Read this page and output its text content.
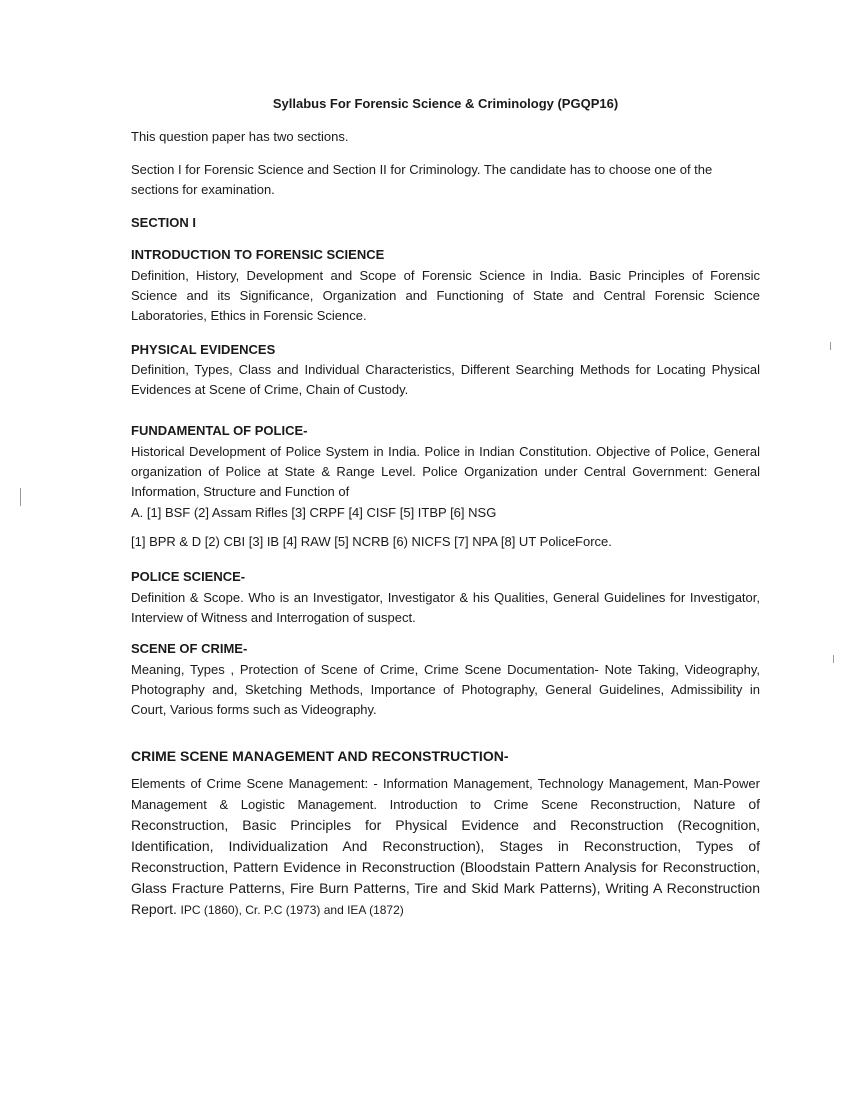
Syllabus For Forensic Science & Criminology (PGQP16)
This question paper has two sections.

Section I for Forensic Science and Section II for Criminology. The candidate has to choose one of the sections for examination.

SECTION I
INTRODUCTION TO FORENSIC SCIENCE

Definition, History, Development and Scope of Forensic Science in India. Basic Principles of Forensic Science and its Significance, Organization and Functioning of State and Central Forensic Science Laboratories, Ethics in Forensic Science.

PHYSICAL EVIDENCES

Definition, Types, Class and Individual Characteristics, Different Searching Methods for Locating Physical Evidences at Scene of Crime, Chain of Custody.

FUNDAMENTAL OF POLICE-

Historical Development of Police System in India. Police in Indian Constitution. Objective of Police, General organization of Police at State & Range Level. Police Organization under Central Government: General Information, Structure and Function of

A. [1] BSF (2] Assam Rifles [3] CRPF [4] CISF [5] ITBP [6] NSG
[1] BPR & D [2) CBI [3] IB [4] RAW [5] NCRB [6) NICFS [7] NPA [8] UT PoliceForce.
POLICE SCIENCE-

Definition & Scope. Who is an Investigator, Investigator & his Qualities, General Guidelines for Investigator, Interview of Witness and Interrogation of suspect.

SCENE OF CRIME-

Meaning, Types , Protection of Scene of Crime, Crime Scene Documentation- Note Taking, Videography, Photography and, Sketching Methods, Importance of Photography, General Guidelines, Admissibility in Court, Various forms such as Videography.

CRIME SCENE MANAGEMENT AND RECONSTRUCTION-

Elements of Crime Scene Management: - Information Management, Technology Management, Man-Power Management & Logistic Management. Introduction to Crime Scene Reconstruction, Nature of Reconstruction, Basic Principles for Physical Evidence and Reconstruction (Recognition, Identification, Individualization And Reconstruction), Stages in Reconstruction, Types of Reconstruction, Pattern Evidence in Reconstruction (Bloodstain Pattern Analysis for Reconstruction, Glass Fracture Patterns, Fire Burn Patterns, Tire and Skid Mark Patterns), Writing A Reconstruction Report. IPC (1860), Cr. P.C (1973) and IEA (1872)
